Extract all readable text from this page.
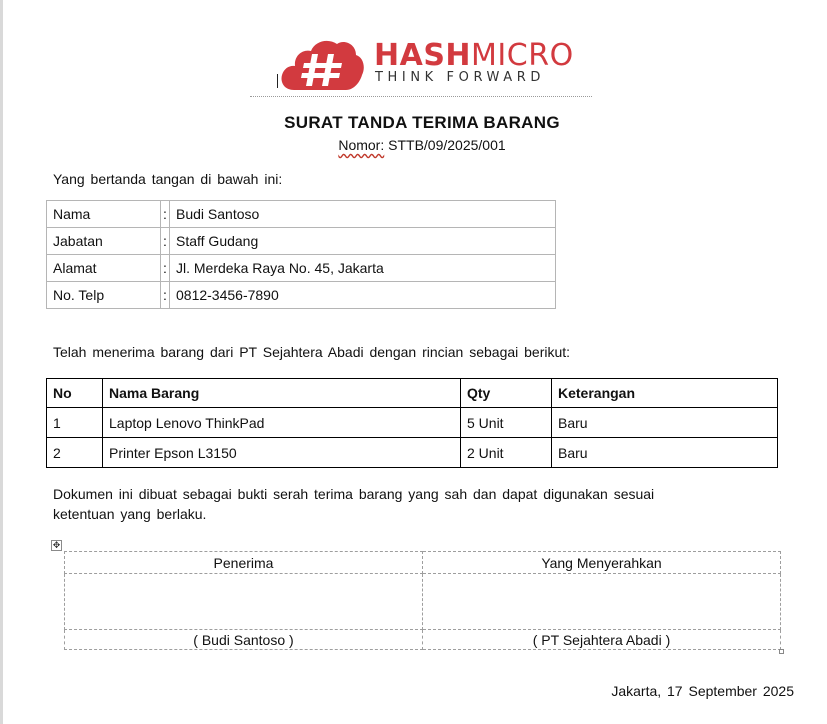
HASHMICRO
THINK FORWARD
SURAT TANDA TERIMA BARANG
Nomor: STTB/09/2025/001
Yang bertanda tangan di bawah ini:
Nama	:	Budi Santoso
Jabatan	:	Staff Gudang
Alamat	:	Jl. Merdeka Raya No. 45, Jakarta
No. Telp	:	0812-3456-7890
Telah menerima barang dari PT Sejahtera Abadi dengan rincian sebagai berikut:
No	Nama Barang	Qty	Keterangan
1	Laptop Lenovo ThinkPad	5 Unit	Baru
2	Printer Epson L3150	2 Unit	Baru
Dokumen ini dibuat sebagai bukti serah terima barang yang sah dan dapat digunakan sesuai ketentuan yang berlaku.
✥
Penerima	Yang Menyerahkan

( Budi Santoso )	( PT Sejahtera Abadi )
Jakarta, 17 September 2025
